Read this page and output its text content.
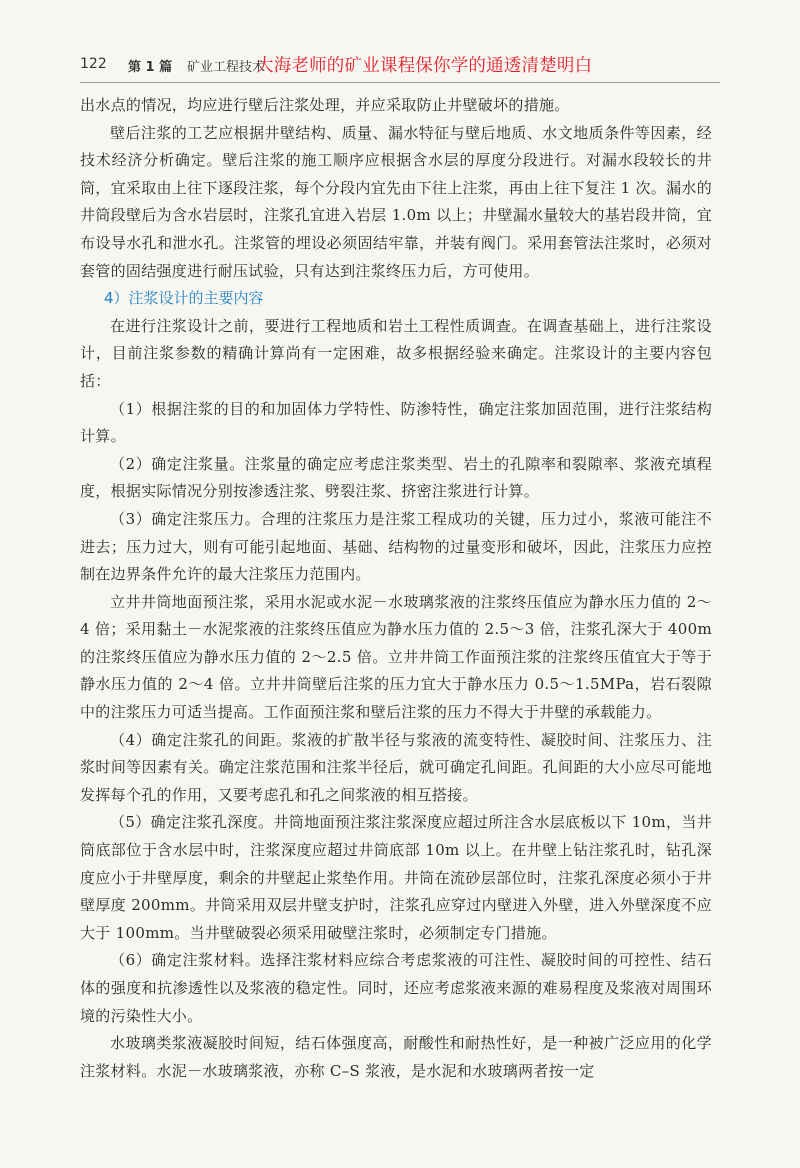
122 第 1 篇 矿业工程技术
大海老师的矿业课程保你学的通透清楚明白

出水点的情况，均应进行壁后注浆处理，并应采取防止井壁破坏的措施。

壁后注浆的工艺应根据井壁结构、质量、漏水特征与壁后地质、水文地质条件等因素，经技术经济分析确定。壁后注浆的施工顺序应根据含水层的厚度分段进行。对漏水段较长的井筒，宜采取由上往下逐段注浆，每个分段内宜先由下往上注浆，再由上往下复注 1 次。漏水的井筒段壁后为含水岩层时，注浆孔宜进入岩层 1.0m 以上；井壁漏水量较大的基岩段井筒，宜布设导水孔和泄水孔。注浆管的埋设必须固结牢靠，并装有阀门。采用套管法注浆时，必须对套管的固结强度进行耐压试验，只有达到注浆终压力后，方可使用。

4）注浆设计的主要内容

在进行注浆设计之前，要进行工程地质和岩土工程性质调查。在调查基础上，进行注浆设计，目前注浆参数的精确计算尚有一定困难，故多根据经验来确定。注浆设计的主要内容包括：

（1）根据注浆的目的和加固体力学特性、防渗特性，确定注浆加固范围，进行注浆结构计算。

（2）确定注浆量。注浆量的确定应考虑注浆类型、岩土的孔隙率和裂隙率、浆液充填程度，根据实际情况分别按渗透注浆、劈裂注浆、挤密注浆进行计算。

（3）确定注浆压力。合理的注浆压力是注浆工程成功的关键，压力过小，浆液可能注不进去；压力过大，则有可能引起地面、基础、结构物的过量变形和破坏，因此，注浆压力应控制在边界条件允许的最大注浆压力范围内。

立井井筒地面预注浆，采用水泥或水泥－水玻璃浆液的注浆终压值应为静水压力值的 2～4 倍；采用黏土－水泥浆液的注浆终压值应为静水压力值的 2.5～3 倍，注浆孔深大于 400m 的注浆终压值应为静水压力值的 2～2.5 倍。立井井筒工作面预注浆的注浆终压值宜大于等于静水压力值的 2～4 倍。立井井筒壁后注浆的压力宜大于静水压力 0.5～1.5MPa，岩石裂隙中的注浆压力可适当提高。工作面预注浆和壁后注浆的压力不得大于井壁的承载能力。

（4）确定注浆孔的间距。浆液的扩散半径与浆液的流变特性、凝胶时间、注浆压力、注浆时间等因素有关。确定注浆范围和注浆半径后，就可确定孔间距。孔间距的大小应尽可能地发挥每个孔的作用，又要考虑孔和孔之间浆液的相互搭接。

（5）确定注浆孔深度。井筒地面预注浆注浆深度应超过所注含水层底板以下 10m，当井筒底部位于含水层中时，注浆深度应超过井筒底部 10m 以上。在井壁上钻注浆孔时，钻孔深度应小于井壁厚度，剩余的井壁起止浆垫作用。井筒在流砂层部位时，注浆孔深度必须小于井壁厚度 200mm。井筒采用双层井壁支护时，注浆孔应穿过内壁进入外壁，进入外壁深度不应大于 100mm。当井壁破裂必须采用破壁注浆时，必须制定专门措施。

（6）确定注浆材料。选择注浆材料应综合考虑浆液的可注性、凝胶时间的可控性、结石体的强度和抗渗透性以及浆液的稳定性。同时，还应考虑浆液来源的难易程度及浆液对周围环境的污染性大小。

水玻璃类浆液凝胶时间短，结石体强度高，耐酸性和耐热性好，是一种被广泛应用的化学注浆材料。水泥－水玻璃浆液，亦称 C–S 浆液，是水泥和水玻璃两者按一定
